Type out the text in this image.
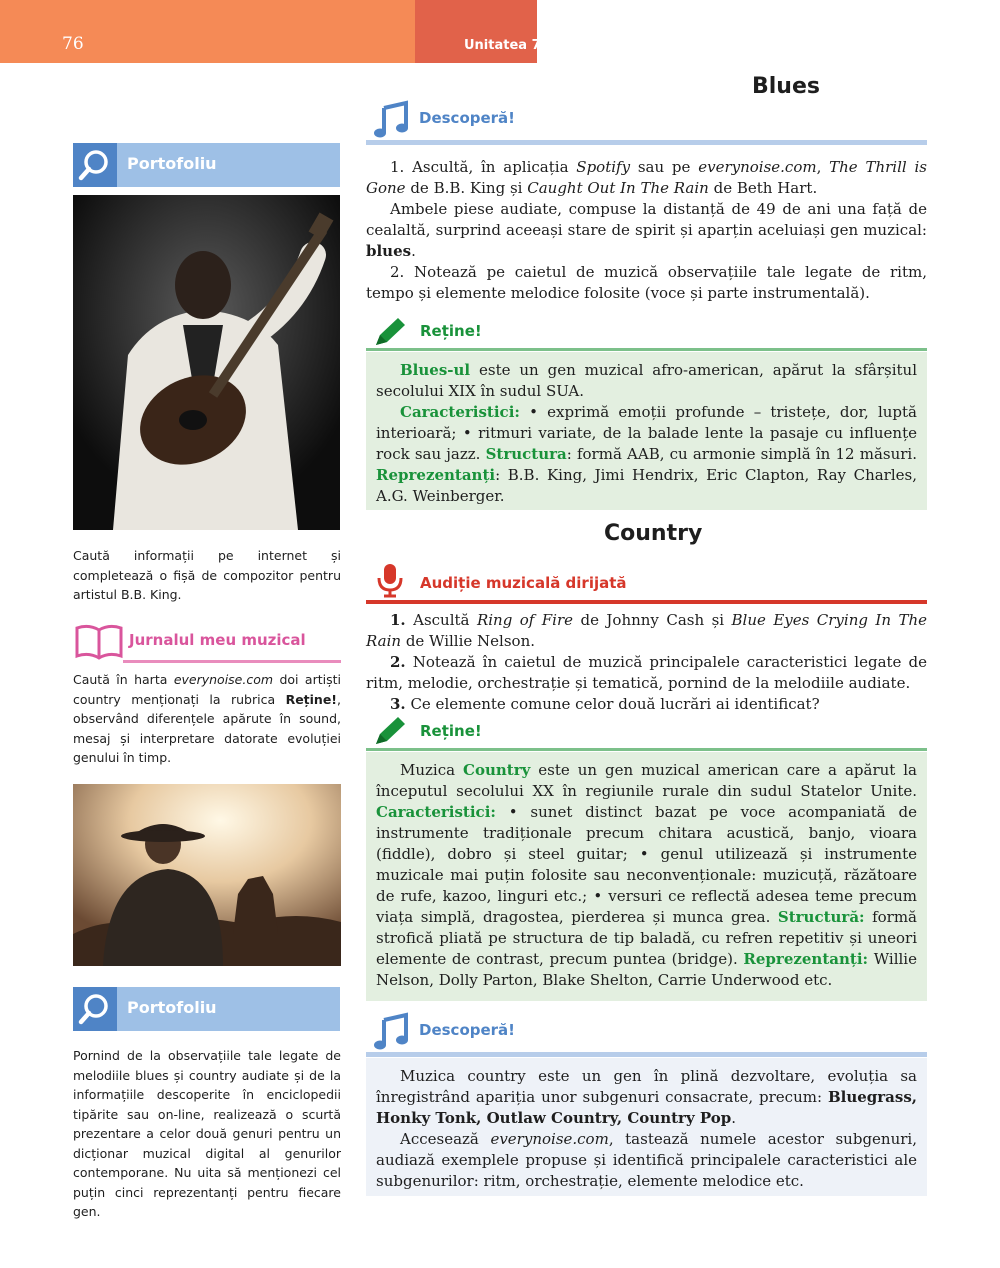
76	Unitatea 7
Portofoliu

Caută informații pe internet și completează o fișă de compozitor pentru artistul B.B. King.

Jurnalul meu muzical

Caută în harta everynoise.com doi artiști country menționați la rubrica Reține!, observând diferențele apărute în sound, mesaj și interpretare datorate evoluției genului în timp.

Portofoliu

Pornind de la observațiile tale legate de melodiile blues și country audiate și de la informațiile descoperite în enciclopedii tipărite sau on-line, realizează o scurtă prezentare a celor două genuri pentru un dicționar muzical digital al genurilor contemporane. Nu uita să menționezi cel puțin cinci reprezentanți pentru fiecare gen.

Blues
Descoperă!

1. Ascultă, în aplicația Spotify sau pe everynoise.com, The Thrill is Gone de B.B. King și Caught Out In The Rain de Beth Hart.

Ambele piese audiate, compuse la distanță de 49 de ani una față de cealaltă, surprind aceeași stare de spirit și aparțin aceluiași gen muzical: blues.

2. Notează pe caietul de muzică observațiile tale legate de ritm, tempo și elemente melodice folosite (voce și parte instrumentală).

Reține!

Blues-ul este un gen muzical afro-american, apărut la sfârșitul secolului XIX în sudul SUA.

Caracteristici: • exprimă emoții profunde – tristețe, dor, luptă interioară; • ritmuri variate, de la balade lente la pasaje cu influențe rock sau jazz. Structura: formă AAB, cu armonie simplă în 12 măsuri. Reprezentanți: B.B. King, Jimi Hendrix, Eric Clapton, Ray Charles, A.G. Weinberger.

Country
Audiție muzicală dirijată

1. Ascultă Ring of Fire de Johnny Cash și Blue Eyes Crying In The Rain de Willie Nelson.

2. Notează în caietul de muzică principalele caracteristici legate de ritm, melodie, orchestrație și tematică, pornind de la melodiile audiate.

3. Ce elemente comune celor două lucrări ai identificat?

Reține!

Muzica Country este un gen muzical american care a apărut la începutul secolului XX în regiunile rurale din sudul Statelor Unite. Caracteristici: • sunet distinct bazat pe voce acompaniată de instrumente tradiționale precum chitara acustică, banjo, vioara (fiddle), dobro și steel guitar; • genul utilizează și instrumente muzicale mai puțin folosite sau neconvenționale: muzicuță, răzătoare de rufe, kazoo, linguri etc.; • versuri ce reflectă adesea teme precum viața simplă, dragostea, pierderea și munca grea. Structură: formă strofică pliată pe structura de tip baladă, cu refren repetitiv și uneori elemente de contrast, precum puntea (bridge). Reprezentanți: Willie Nelson, Dolly Parton, Blake Shelton, Carrie Underwood etc.

Descoperă!

Muzica country este un gen în plină dezvoltare, evoluția sa înregistrând apariția unor subgenuri consacrate, precum: Bluegrass, Honky Tonk, Outlaw Country, Country Pop.

Accesează everynoise.com, tastează numele acestor subgenuri, audiază exemplele propuse și identifică principalele caracteristici ale subgenurilor: ritm, orchestrație, elemente melodice etc.
